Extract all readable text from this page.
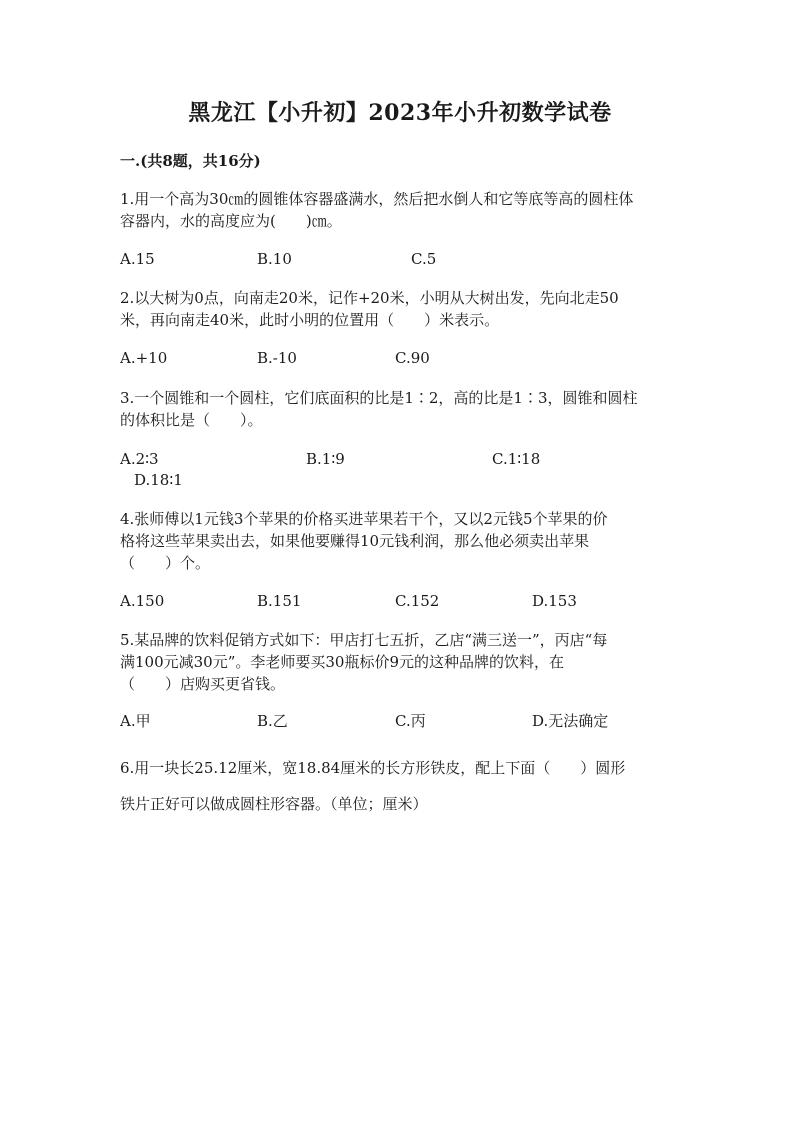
黑龙江【小升初】2023年小升初数学试卷
一.(共8题，共16分)
1.用一个高为30㎝的圆锥体容器盛满水，然后把水倒人和它等底等高的圆柱体
容器内，水的高度应为(　　)㎝。
A.15	B.10	C.5
2.以大树为0点，向南走20米，记作+20米，小明从大树出发，先向北走50
米，再向南走40米，此时小明的位置用（　　）米表示。
A.+10	B.-10	C.90
3.一个圆锥和一个圆柱，它们底面积的比是1∶2，高的比是1∶3，圆锥和圆柱
的体积比是（　　）。
A.2∶3	B.1∶9	C.1∶18
D.18∶1
4.张师傅以1元钱3个苹果的价格买进苹果若干个，又以2元钱5个苹果的价
格将这些苹果卖出去，如果他要赚得10元钱利润，那么他必须卖出苹果
（　　）个。
A.150	B.151	C.152	D.153
5.某品牌的饮料促销方式如下：甲店打七五折，乙店“满三送一”，丙店“每
满100元减30元”。李老师要买30瓶标价9元的这种品牌的饮料，在
（　　）店购买更省钱。
A.甲	B.乙	C.丙	D.无法确定
6.用一块长25.12厘米，宽18.84厘米的长方形铁皮，配上下面（　　）圆形
铁片正好可以做成圆柱形容器。（单位；厘米）
